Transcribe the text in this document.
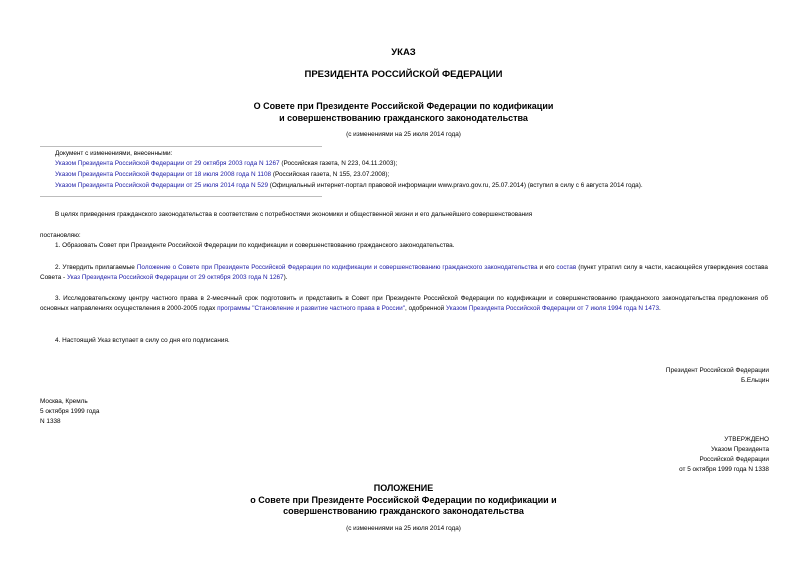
УКАЗ
ПРЕЗИДЕНТА РОССИЙСКОЙ ФЕДЕРАЦИИ
О Совете при Президенте Российской Федерации по кодификации
и совершенствованию гражданского законодательства
(с изменениями на 25 июля 2014 года)
Документ с изменениями, внесенными:
Указом Президента Российской Федерации от 29 октября 2003 года N 1267 (Российская газета, N 223, 04.11.2003);
Указом Президента Российской Федерации от 18 июля 2008 года N 1108 (Российская газета, N 155, 23.07.2008);
Указом Президента Российской Федерации от 25 июля 2014 года N 529 (Официальный интернет-портал правовой информации www.pravo.gov.ru, 25.07.2014) (вступил в силу с 6 августа 2014 года).
В целях приведения гражданского законодательства в соответствие с потребностями экономики и общественной жизни и его дальнейшего совершенствования
постановляю:
1. Образовать Совет при Президенте Российской Федерации по кодификации и совершенствованию гражданского законодательства.
2. Утвердить прилагаемые Положение о Совете при Президенте Российской Федерации по кодификации и совершенствованию гражданского законодательства и его состав (пункт утратил силу в части, касающейся утверждения состава Совета - Указ Президента Российской Федерации от 29 октября 2003 года N 1267).
3. Исследовательскому центру частного права в 2-месячный срок подготовить и представить в Совет при Президенте Российской Федерации по кодификации и совершенствованию гражданского законодательства предложения об основных направлениях осуществления в 2000-2005 годах программы "Становление и развитие частного права в России", одобренной Указом Президента Российской Федерации от 7 июля 1994 года N 1473.
4. Настоящий Указ вступает в силу со дня его подписания.
Президент Российской Федерации
Б.Ельцин
Москва, Кремль
5 октября 1999 года
N 1338
УТВЕРЖДЕНО
Указом Президента
Российской Федерации
от 5 октября 1999 года N 1338
ПОЛОЖЕНИЕ
о Совете при Президенте Российской Федерации по кодификации и
совершенствованию гражданского законодательства
(с изменениями на 25 июля 2014 года)
